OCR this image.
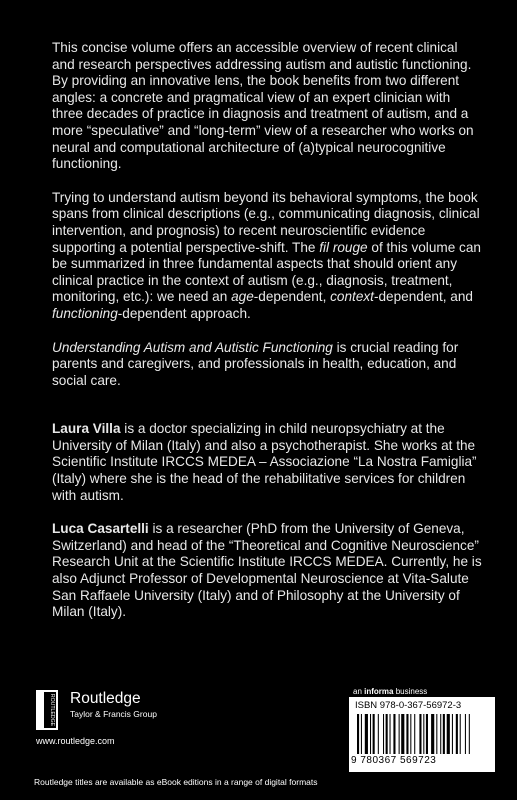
This concise volume offers an accessible overview of recent clinical and research perspectives addressing autism and autistic functioning. By providing an innovative lens, the book benefits from two different angles: a concrete and pragmatical view of an expert clinician with three decades of practice in diagnosis and treatment of autism, and a more “speculative” and “long-term” view of a researcher who works on neural and computational architecture of (a)typical neurocognitive functioning.

Trying to understand autism beyond its behavioral symptoms, the book spans from clinical descriptions (e.g., communicating diagnosis, clinical intervention, and prognosis) to recent neuroscientific evidence supporting a potential perspective-shift. The fil rouge of this volume can be summarized in three fundamental aspects that should orient any clinical practice in the context of autism (e.g., diagnosis, treatment, monitoring, etc.): we need an age-dependent, context-dependent, and functioning-dependent approach.

Understanding Autism and Autistic Functioning is crucial reading for parents and caregivers, and professionals in health, education, and social care.

Laura Villa is a doctor specializing in child neuropsychiatry at the University of Milan (Italy) and also a psychotherapist. She works at the Scientific Institute IRCCS MEDEA – Associazione “La Nostra Famiglia” (Italy) where she is the head of the rehabilitative services for children with autism.

Luca Casartelli is a researcher (PhD from the University of Geneva, Switzerland) and head of the “Theoretical and Cognitive Neuroscience” Research Unit at the Scientific Institute IRCCS MEDEA. Currently, he is also Adjunct Professor of Developmental Neuroscience at Vita-Salute San Raffaele University (Italy) and of Philosophy at the University of Milan (Italy).

ROUTLEDGE Routledge
Taylor & Francis Group
www.routledge.com
an informa business
ISBN 978-0-367-56972-3
9 780367 569723
Routledge titles are available as eBook editions in a range of digital formats
